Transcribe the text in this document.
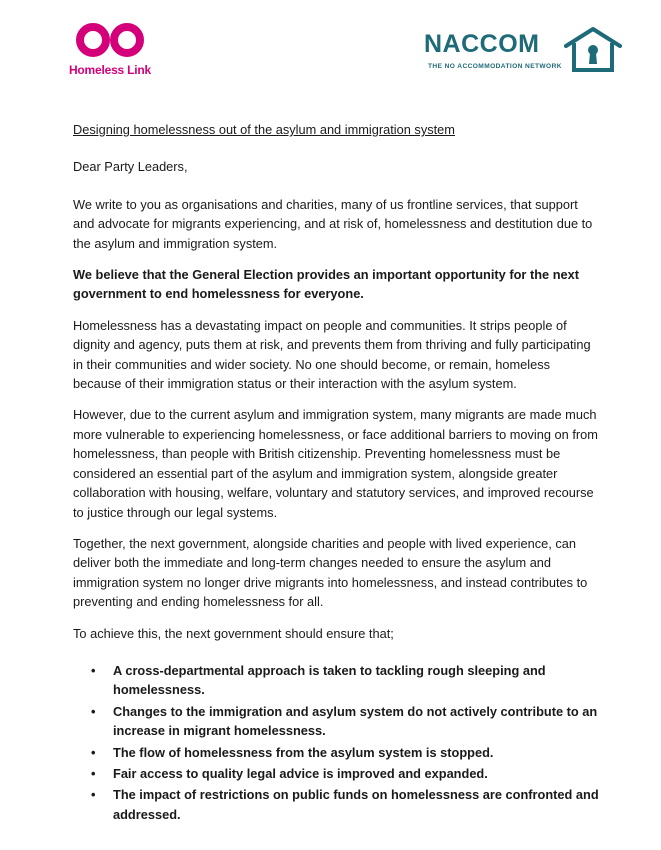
Homeless Link
NACCOM
THE NO ACCOMMODATION NETWORK

Designing homelessness out of the asylum and immigration system

Dear Party Leaders,

We write to you as organisations and charities, many of us frontline services, that support and advocate for migrants experiencing, and at risk of, homelessness and destitution due to the asylum and immigration system.

We believe that the General Election provides an important opportunity for the next government to end homelessness for everyone.

Homelessness has a devastating impact on people and communities. It strips people of dignity and agency, puts them at risk, and prevents them from thriving and fully participating in their communities and wider society. No one should become, or remain, homeless because of their immigration status or their interaction with the asylum system.

However, due to the current asylum and immigration system, many migrants are made much more vulnerable to experiencing homelessness, or face additional barriers to moving on from homelessness, than people with British citizenship. Preventing homelessness must be considered an essential part of the asylum and immigration system, alongside greater collaboration with housing, welfare, voluntary and statutory services, and improved recourse to justice through our legal systems.

Together, the next government, alongside charities and people with lived experience, can deliver both the immediate and long-term changes needed to ensure the asylum and immigration system no longer drive migrants into homelessness, and instead contributes to preventing and ending homelessness for all.

To achieve this, the next government should ensure that;

• A cross-departmental approach is taken to tackling rough sleeping and homelessness.
• Changes to the immigration and asylum system do not actively contribute to an increase in migrant homelessness.
• The flow of homelessness from the asylum system is stopped.
• Fair access to quality legal advice is improved and expanded.
• The impact of restrictions on public funds on homelessness are confronted and addressed.
